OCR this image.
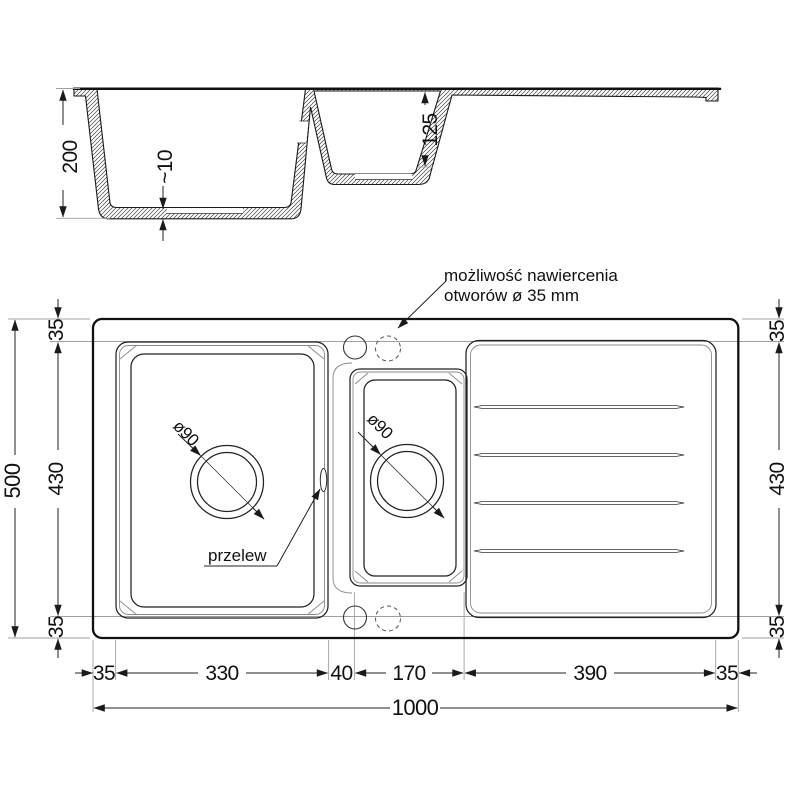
200	~10
125
ø90	ø90
możliwość nawiercenia
otworów ø 35 mm
przelew
500
35
430
35
35
430
35
35	330	40 170	390	35
1000
